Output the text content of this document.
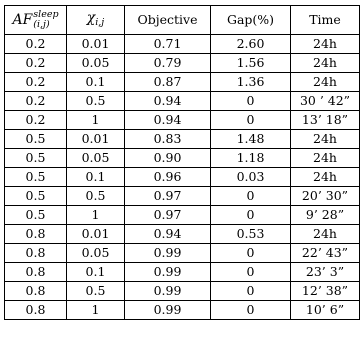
AF sleep
(i,j)	$\chi_{i,j}$	Objective	Gap(%)	Time
0.2	0.01	0.71	2.60	24h
0.2	0.05	0.79	1.56	24h
0.2	0.1	0.87	1.36	24h
0.2	0.5	0.94	0	30 ’ 42”
0.2	1	0.94	0	13’ 18”
0.5	0.01	0.83	1.48	24h
0.5	0.05	0.90	1.18	24h
0.5	0.1	0.96	0.03	24h
0.5	0.5	0.97	0	20’ 30”
0.5	1	0.97	0	9’ 28”
0.8	0.01	0.94	0.53	24h
0.8	0.05	0.99	0	22’ 43”
0.8	0.1	0.99	0	23’ 3”
0.8	0.5	0.99	0	12’ 38”
0.8	1	0.99	0	10’ 6”
